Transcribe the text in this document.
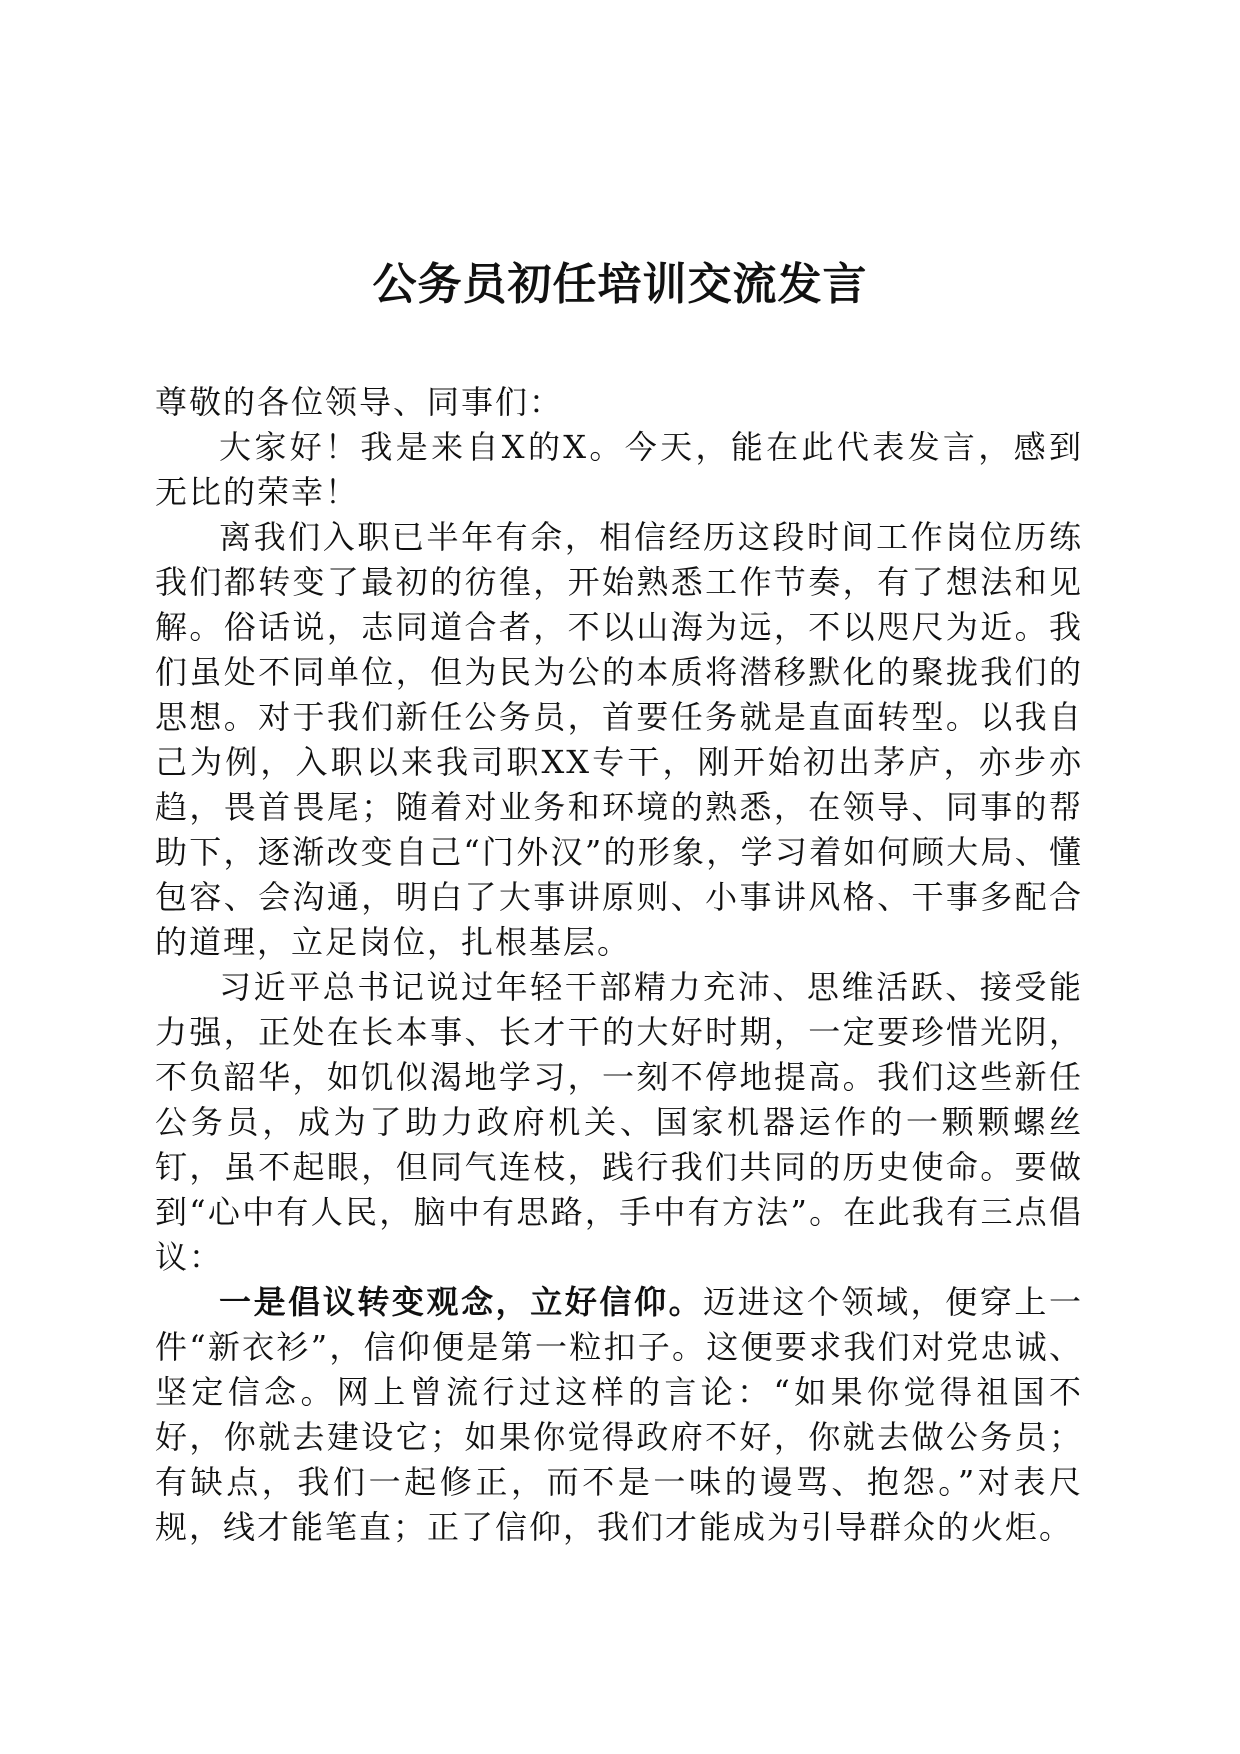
公务员初任培训交流发言

尊敬的各位领导、同事们：

大家好！我是来自X的X。今天，能在此代表发言，感到无比的荣幸！

离我们入职已半年有余，相信经历这段时间工作岗位历练我们都转变了最初的彷徨，开始熟悉工作节奏，有了想法和见解。俗话说，志同道合者，不以山海为远，不以咫尺为近。我们虽处不同单位，但为民为公的本质将潜移默化的聚拢我们的思想。对于我们新任公务员，首要任务就是直面转型。以我自己为例，入职以来我司职XX专干，刚开始初出茅庐，亦步亦趋，畏首畏尾；随着对业务和环境的熟悉，在领导、同事的帮助下，逐渐改变自己“门外汉”的形象，学习着如何顾大局、懂包容、会沟通，明白了大事讲原则、小事讲风格、干事多配合的道理，立足岗位，扎根基层。

习近平总书记说过年轻干部精力充沛、思维活跃、接受能力强，正处在长本事、长才干的大好时期，一定要珍惜光阴，不负韶华，如饥似渴地学习，一刻不停地提高。我们这些新任公务员，成为了助力政府机关、国家机器运作的一颗颗螺丝钉，虽不起眼，但同气连枝，践行我们共同的历史使命。要做到“心中有人民，脑中有思路，手中有方法”。在此我有三点倡议：

一是倡议转变观念，立好信仰。迈进这个领域，便穿上一件“新衣衫”，信仰便是第一粒扣子。这便要求我们对党忠诚、坚定信念。网上曾流行过这样的言论：“如果你觉得祖国不好，你就去建设它；如果你觉得政府不好，你就去做公务员；有缺点，我们一起修正，而不是一味的谩骂、抱怨。”对表尺规，线才能笔直；正了信仰，我们才能成为引导群众的火炬。
